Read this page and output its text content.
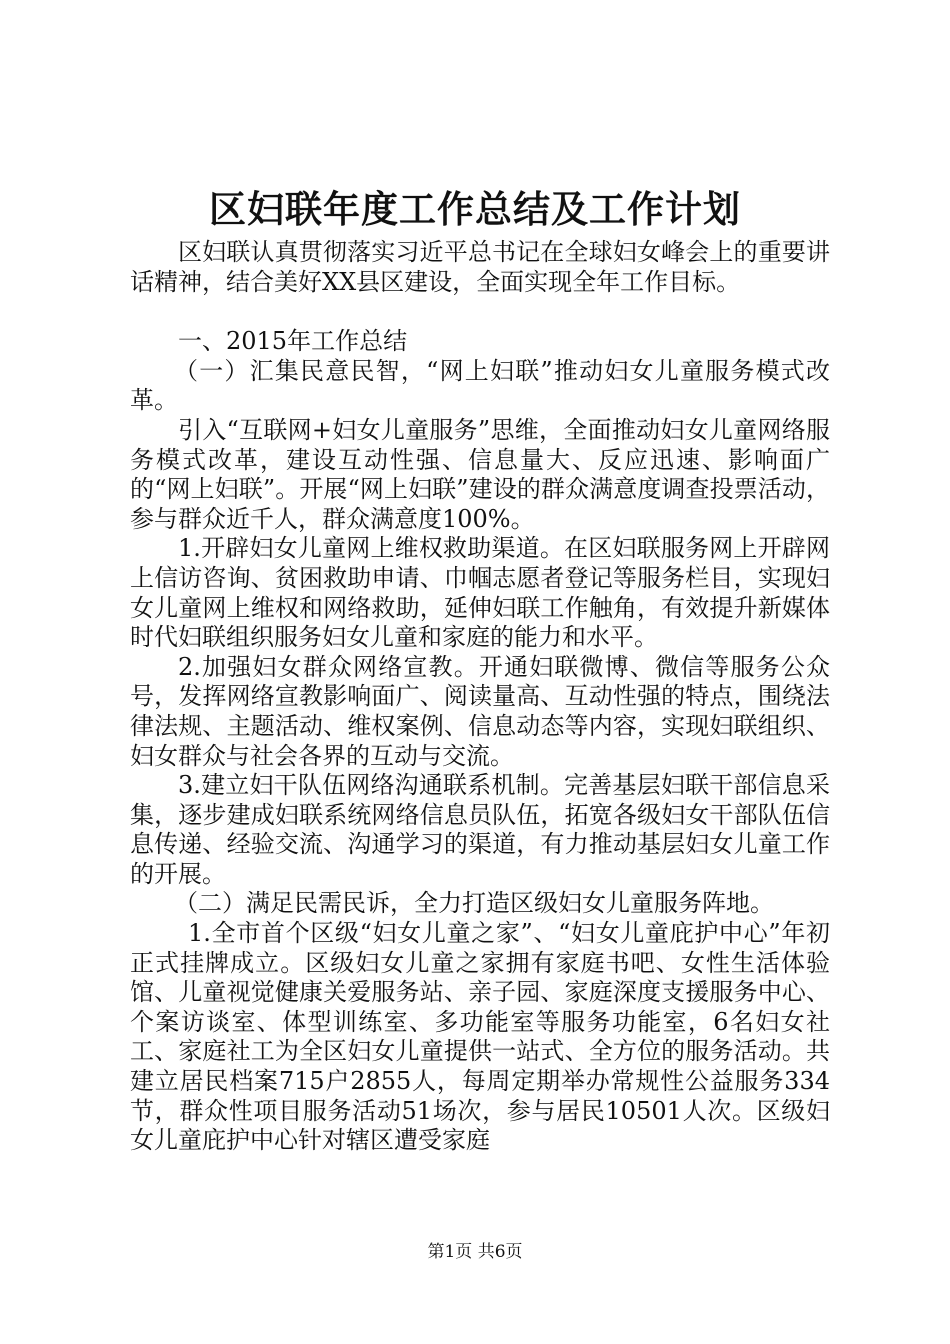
区妇联年度工作总结及工作计划

区妇联认真贯彻落实习近平总书记在全球妇女峰会上的重要讲话精神，结合美好XX县区建设，全面实现全年工作目标。

一、2015年工作总结

（一）汇集民意民智，“网上妇联”推动妇女儿童服务模式改革。

引入“互联网+妇女儿童服务”思维，全面推动妇女儿童网络服务模式改革，建设互动性强、信息量大、反应迅速、影响面广的“网上妇联”。开展“网上妇联”建设的群众满意度调查投票活动，参与群众近千人，群众满意度100%。

1.开辟妇女儿童网上维权救助渠道。在区妇联服务网上开辟网上信访咨询、贫困救助申请、巾帼志愿者登记等服务栏目，实现妇女儿童网上维权和网络救助，延伸妇联工作触角，有效提升新媒体时代妇联组织服务妇女儿童和家庭的能力和水平。

2.加强妇女群众网络宣教。开通妇联微博、微信等服务公众号，发挥网络宣教影响面广、阅读量高、互动性强的特点，围绕法律法规、主题活动、维权案例、信息动态等内容，实现妇联组织、妇女群众与社会各界的互动与交流。

3.建立妇干队伍网络沟通联系机制。完善基层妇联干部信息采集，逐步建成妇联系统网络信息员队伍，拓宽各级妇女干部队伍信息传递、经验交流、沟通学习的渠道，有力推动基层妇女儿童工作的开展。

（二）满足民需民诉，全力打造区级妇女儿童服务阵地。

1.全市首个区级“妇女儿童之家”、“妇女儿童庇护中心”年初正式挂牌成立。区级妇女儿童之家拥有家庭书吧、女性生活体验馆、儿童视觉健康关爱服务站、亲子园、家庭深度支援服务中心、个案访谈室、体型训练室、多功能室等服务功能室，6名妇女社工、家庭社工为全区妇女儿童提供一站式、全方位的服务活动。共建立居民档案715户2855人，每周定期举办常规性公益服务334节，群众性项目服务活动51场次，参与居民10501人次。区级妇女儿童庇护中心针对辖区遭受家庭

第1页 共6页
